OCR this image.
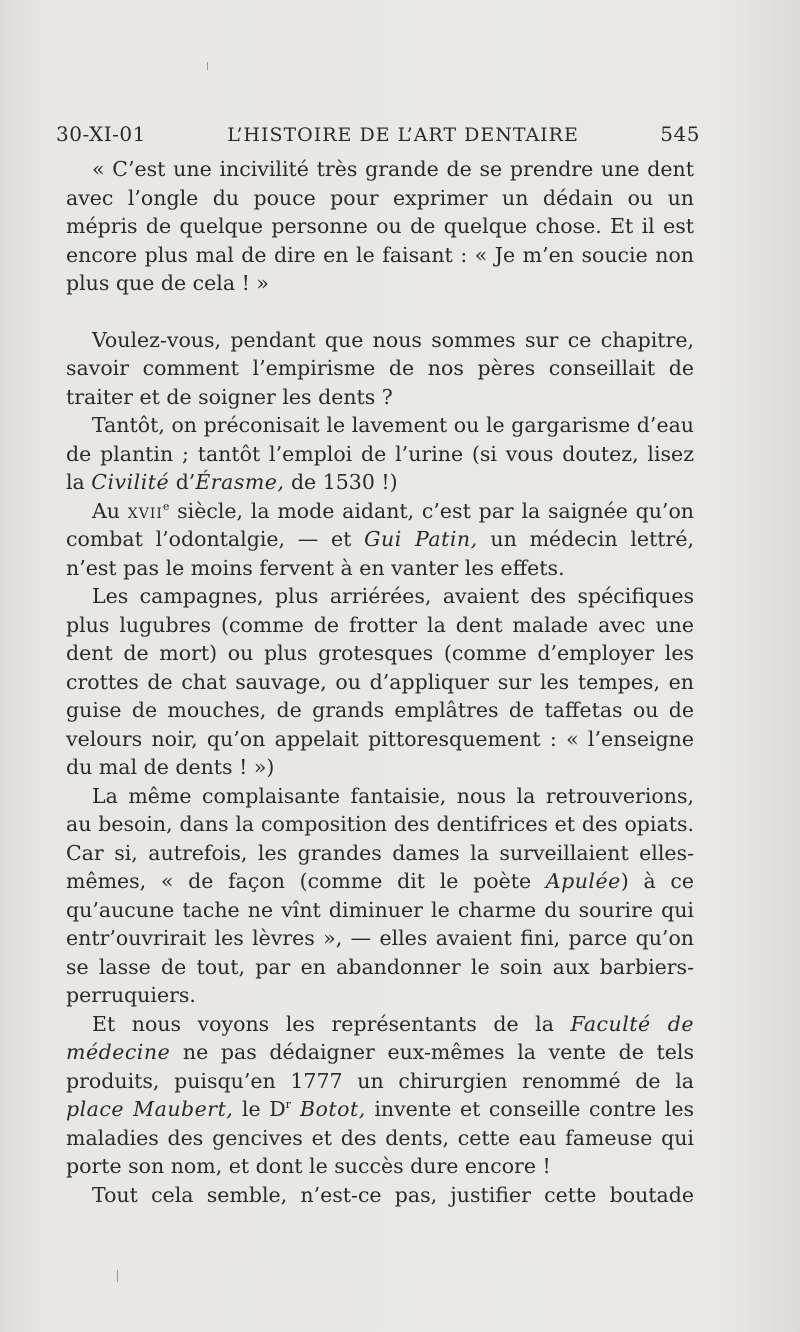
30-XI-01	L’HISTOIRE DE L’ART DENTAIRE	545

« C’est une incivilité très grande de se prendre une dent avec l’ongle du pouce pour exprimer un dédain ou un mépris de quelque personne ou de quelque chose. Et il est encore plus mal de dire en le faisant : « Je m’en soucie non plus que de cela ! »

Voulez-vous, pendant que nous sommes sur ce chapitre, savoir comment l’empirisme de nos pères conseillait de traiter et de soigner les dents ?

Tantôt, on préconisait le lavement ou le gargarisme d’eau de plantin ; tantôt l’emploi de l’urine (si vous doutez, lisez la Civilité d’Érasme, de 1530 !)

Au xvii$^e$ siècle, la mode aidant, c’est par la saignée qu’on combat l’odontalgie, — et Gui Patin, un médecin lettré, n’est pas le moins fervent à en vanter les effets.

Les campagnes, plus arriérées, avaient des spécifiques plus lugubres (comme de frotter la dent malade avec une dent de mort) ou plus grotesques (comme d’employer les crottes de chat sauvage, ou d’appliquer sur les tempes, en guise de mouches, de grands emplâtres de taffetas ou de velours noir, qu’on appelait pittoresquement : « l’enseigne du mal de dents ! »)

La même complaisante fantaisie, nous la retrouverions, au besoin, dans la composition des dentifrices et des opiats. Car si, autrefois, les grandes dames la surveillaient elles-mêmes, « de façon (comme dit le poète Apulée) à ce qu’aucune tache ne vînt diminuer le charme du sourire qui entr’ouvrirait les lèvres », — elles avaient fini, parce qu’on se lasse de tout, par en abandonner le soin aux barbiers-perruquiers.

Et nous voyons les représentants de la Faculté de médecine ne pas dédaigner eux-mêmes la vente de tels produits, puisqu’en 1777 un chirurgien renommé de la place Maubert, le $D^r$ Botot, invente et conseille contre les maladies des gencives et des dents, cette eau fameuse qui porte son nom, et dont le succès dure encore !

Tout cela semble, n’est-ce pas, justifier cette boutade
